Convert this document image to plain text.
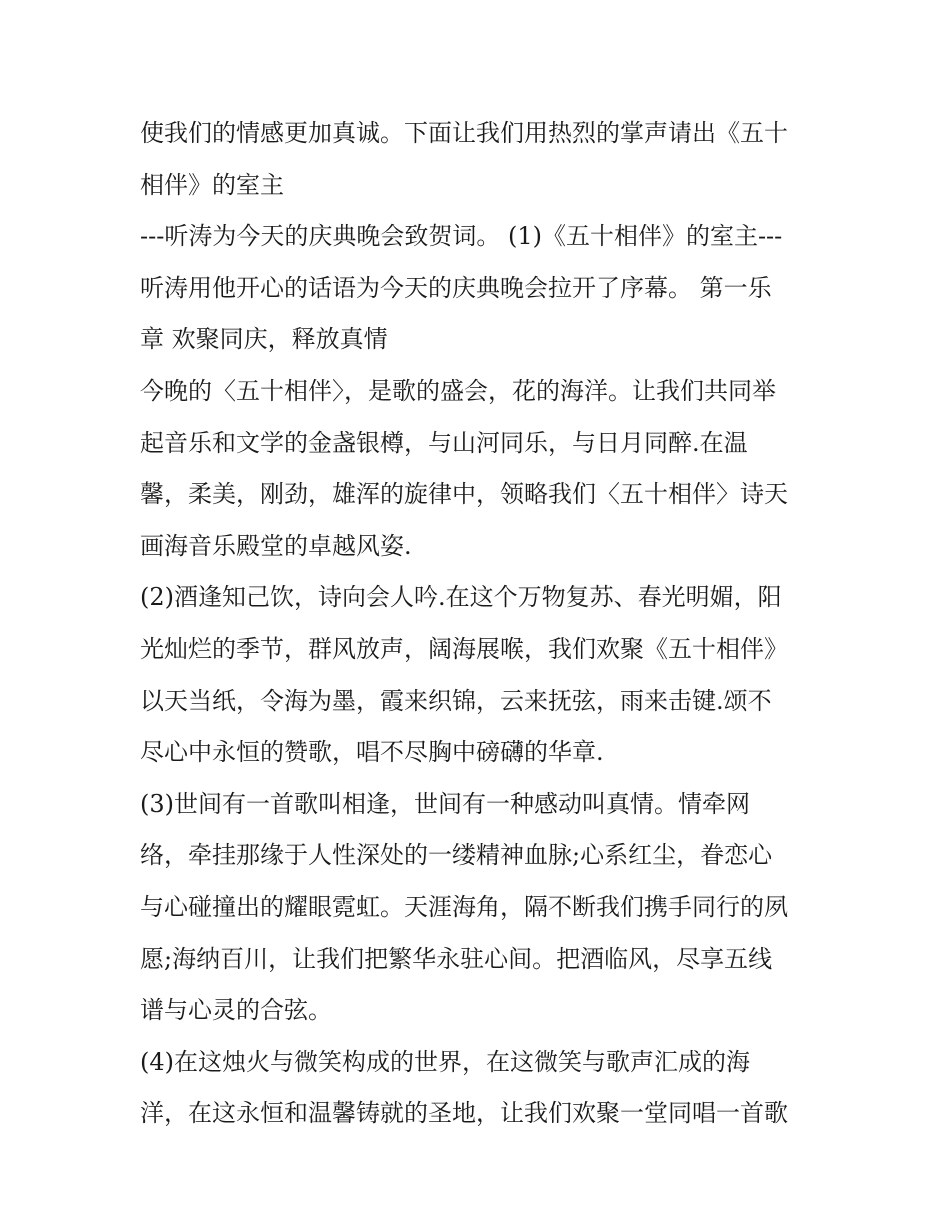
使我们的情感更加真诚。下面让我们用热烈的掌声请出《五十
相伴》的室主
---听涛为今天的庆典晚会致贺词。 (1)《五十相伴》的室主---
听涛用他开心的话语为今天的庆典晚会拉开了序幕。 第一乐
章 欢聚同庆，释放真情
今晚的〈五十相伴〉，是歌的盛会，花的海洋。让我们共同举
起音乐和文学的金盏银樽，与山河同乐，与日月同醉.在温
馨，柔美，刚劲，雄浑的旋律中，领略我们〈五十相伴〉诗天
画海音乐殿堂的卓越风姿.
(2)酒逢知己饮，诗向会人吟.在这个万物复苏、春光明媚，阳
光灿烂的季节，群风放声，阔海展喉，我们欢聚《五十相伴》
以天当纸，令海为墨，霞来织锦，云来抚弦，雨来击键.颂不
尽心中永恒的赞歌，唱不尽胸中磅礴的华章.
(3)世间有一首歌叫相逢，世间有一种感动叫真情。情牵网
络，牵挂那缘于人性深处的一缕精神血脉;心系红尘，眷恋心
与心碰撞出的耀眼霓虹。天涯海角，隔不断我们携手同行的夙
愿;海纳百川，让我们把繁华永驻心间。把酒临风，尽享五线
谱与心灵的合弦。
(4)在这烛火与微笑构成的世界，在这微笑与歌声汇成的海
洋，在这永恒和温馨铸就的圣地，让我们欢聚一堂同唱一首歌
